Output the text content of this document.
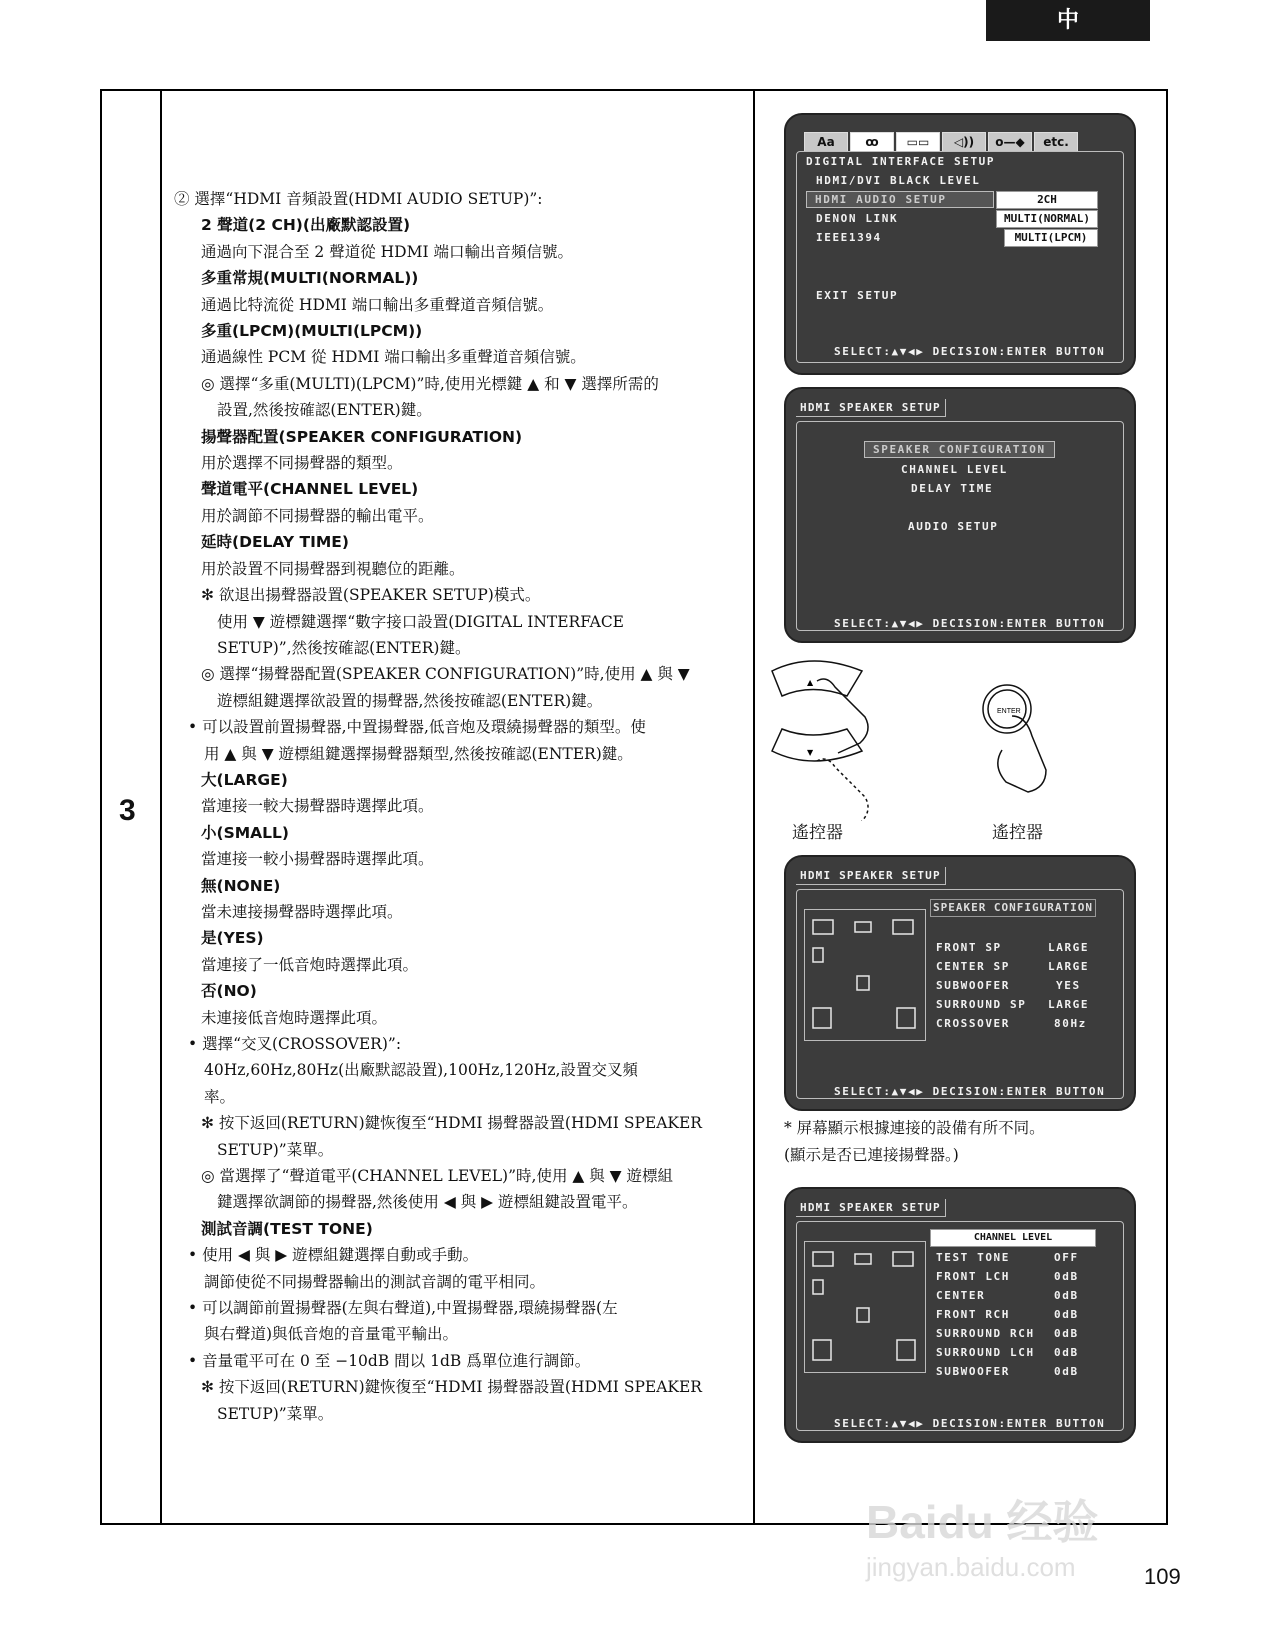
中 文
3

② 選擇“HDMI 音頻設置(HDMI AUDIO SETUP)”:

2 聲道(2 CH)(出廠默認設置)

通過向下混合至 2 聲道從 HDMI 端口輸出音頻信號。

多重常規(MULTI(NORMAL))

通過比特流從 HDMI 端口輸出多重聲道音頻信號。

多重(LPCM)(MULTI(LPCM))

通過線性 PCM 從 HDMI 端口輸出多重聲道音頻信號。

◎ 選擇“多重(MULTI)(LPCM)”時,使用光標鍵 ▲ 和 ▼ 選擇所需的

設置,然後按確認(ENTER)鍵。

揚聲器配置(SPEAKER CONFIGURATION)

用於選擇不同揚聲器的類型。

聲道電平(CHANNEL LEVEL)

用於調節不同揚聲器的輸出電平。

延時(DELAY TIME)

用於設置不同揚聲器到視聽位的距離。

✻ 欲退出揚聲器設置(SPEAKER SETUP)模式。

使用 ▼ 遊標鍵選擇“數字接口設置(DIGITAL INTERFACE

SETUP)”,然後按確認(ENTER)鍵。

◎ 選擇“揚聲器配置(SPEAKER CONFIGURATION)”時,使用 ▲ 與 ▼

遊標組鍵選擇欲設置的揚聲器,然後按確認(ENTER)鍵。

• 可以設置前置揚聲器,中置揚聲器,低音炮及環繞揚聲器的類型。使

用 ▲ 與 ▼ 遊標組鍵選擇揚聲器類型,然後按確認(ENTER)鍵。

大(LARGE)

當連接一較大揚聲器時選擇此項。

小(SMALL)

當連接一較小揚聲器時選擇此項。

無(NONE)

當未連接揚聲器時選擇此項。

是(YES)

當連接了一低音炮時選擇此項。

否(NO)

未連接低音炮時選擇此項。

• 選擇“交叉(CROSSOVER)”:

40Hz,60Hz,80Hz(出廠默認設置),100Hz,120Hz,設置交叉頻

率。

✻ 按下返回(RETURN)鍵恢復至“HDMI 揚聲器設置(HDMI SPEAKER

SETUP)”菜單。

◎ 當選擇了“聲道電平(CHANNEL LEVEL)”時,使用 ▲ 與 ▼ 遊標組

鍵選擇欲調節的揚聲器,然後使用 ◀ 與 ▶ 遊標組鍵設置電平。

測試音調(TEST TONE)

• 使用 ◀ 與 ▶ 遊標組鍵選擇自動或手動。

調節使從不同揚聲器輸出的測試音調的電平相同。

• 可以調節前置揚聲器(左與右聲道),中置揚聲器,環繞揚聲器(左

與右聲道)與低音炮的音量電平輸出。

• 音量電平可在 0 至 −10dB 間以 1dB 爲單位進行調節。

✻ 按下返回(RETURN)鍵恢復至“HDMI 揚聲器設置(HDMI SPEAKER

SETUP)”菜單。

Aa	ꝏ ▭▭ ◁)) o—◆ etc.
DIGITAL INTERFACE SETUP
HDMI/DVI BLACK LEVEL
HDMI AUDIO SETUP
DENON LINK
IEEE1394
2CH
MULTI(NORMAL)
MULTI(LPCM)
EXIT SETUP
SELECT:▲▼◀▶ DECISION:ENTER BUTTON
HDMI SPEAKER SETUP
SPEAKER CONFIGURATION
CHANNEL LEVEL
DELAY TIME
AUDIO SETUP
SELECT:▲▼◀▶ DECISION:ENTER BUTTON
ENTER
▲
▼
遙控器	遙控器
HDMI SPEAKER SETUP
SPEAKER CONFIGURATION
FRONT SP	LARGE
CENTER SP	LARGE
SUBWOOFER	YES
SURROUND SP LARGE
CROSSOVER	80Hz
SELECT:▲▼◀▶ DECISION:ENTER BUTTON
* 屏幕顯示根據連接的設備有所不同。
(顯示是否已連接揚聲器。)
HDMI SPEAKER SETUP
CHANNEL LEVEL
TEST TONE	OFF
FRONT LCH	0dB
CENTER	0dB
FRONT RCH	0dB
SURROUND RCH 0dB
SURROUND LCH 0dB
SUBWOOFER	0dB
SELECT:▲▼◀▶ DECISION:ENTER BUTTON
Baidu 经验
jingyan.baidu.com	109
